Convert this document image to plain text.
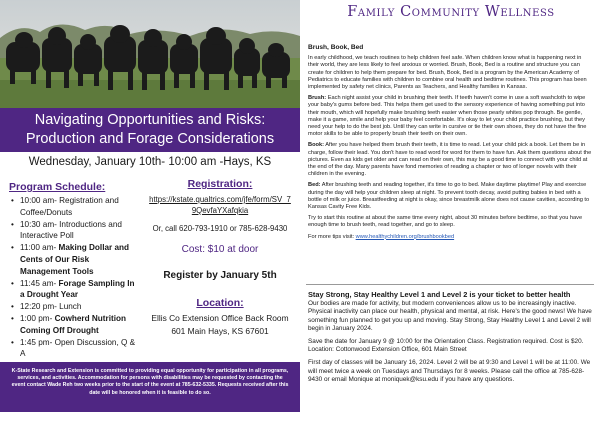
Navigating Opportunities and Risks:
Production and Forage Considerations
Wednesday, January 10th- 10:00 am -Hays, KS
Program Schedule:
• 10:00 am- Registration and Coffee/Donuts
• 10:30 am- Introductions and Interactive Poll
• 11:00 am- Making Dollar and Cents of Our Risk Management Tools
• 11:45 am- Forage Sampling In a Drought Year
• 12:20 pm- Lunch
• 1:00 pm- Cowherd Nutrition Coming Off Drought
• 1:45 pm- Open Discussion, Q & A
•
Registration:
https://kstate.qualtrics.com/jfe/form/SV_79QevfaYXafqkia
Or, call 620-793-1910 or 785-628-9430
Cost: $10 at door
Register by January 5th
Location:
Ellis Co Extension Office Back Room
601 Main Hays, KS 67601
K-State Research and Extension is committed to providing equal opportunity for participation in all programs, services, and activities. Accommodation for persons with disabilities may be requested by contacting the event contact Wade Reh two weeks prior to the start of the event at 785-632-5335. Requests received after this date will be honored when it is feasible to do so.
Family Community Wellness
Brush, Book, Bed

In early childhood, we teach routines to help children feel safe. When children know what is happening next in their world, they are less likely to feel anxious or worried. Brush, Book, Bed is a routine and structure you can create for children to help them prepare for bed. Brush, Book, Bed is a program by the American Academy of Pediatrics to educate families with children to combine oral health and bedtime routines. This program has been implemented by safety net clinics, Parents as Teachers, and Healthy families in Kansas.

Brush: Each night assist your child in brushing their teeth. If teeth haven't come in use a soft washcloth to wipe your baby's gums before bed. This helps them get used to the sensory experience of having something put into their mouth, which will hopefully make brushing teeth easier when those pearly whites pop through. Be gentle, make it a game, smile and help your baby feel comfortable. It's okay to let your child practice brushing, but they need your help to do the best job. Until they can write in cursive or tie their own shoes, they do not have the fine motor skills to be able to properly brush their teeth on their own.

Book: After you have helped them brush their teeth, it is time to read. Let your child pick a book. Let them be in charge, follow their lead. You don't have to read word for word for them to have fun. Ask them questions about the pictures. Even as kids get older and can read on their own, this may be a good time to connect with your child at the end of the day. Many parents have fond memories of reading a chapter or two of longer novels with their children in the evening.

Bed: After brushing teeth and reading together, it's time to go to bed. Make daytime playtime! Play and exercise during the day will help your children sleep at night. To prevent tooth decay, avoid putting babies in bed with a bottle of milk or juice. Breastfeeding at night is okay, since breastmilk alone does not cause cavities, according to Kansas Cavity Free Kids.

Try to start this routine at about the same time every night, about 30 minutes before bedtime, so that you have enough time to brush teeth, read together, and go to sleep.

For more tips visit: www.healthychildren.org/brushbookbed

Stay Strong, Stay Healthy Level 1 and Level 2 is your ticket to better health

Our bodies are made for activity, but modern conveniences allow us to be increasingly inactive. Physical inactivity can place our health, physical and mental, at risk. Here's the good news! We have something fun planned to get you up and moving. Stay Strong, Stay Healthy Level 1 and Level 2 will begin in January 2024.

Save the date for January 9 @ 10:00 for the Orientation Class. Registration required. Cost is $20. Location: Cottonwood Extension Office, 601 Main Street

First day of classes will be January 16, 2024. Level 2 will be at 9:30 and Level 1 will be at 11:00. We will meet twice a week on Tuesdays and Thursdays for 8 weeks. Please call the office at 785-628-9430 or email Monique at moniquek@ksu.edu if you have any questions.
